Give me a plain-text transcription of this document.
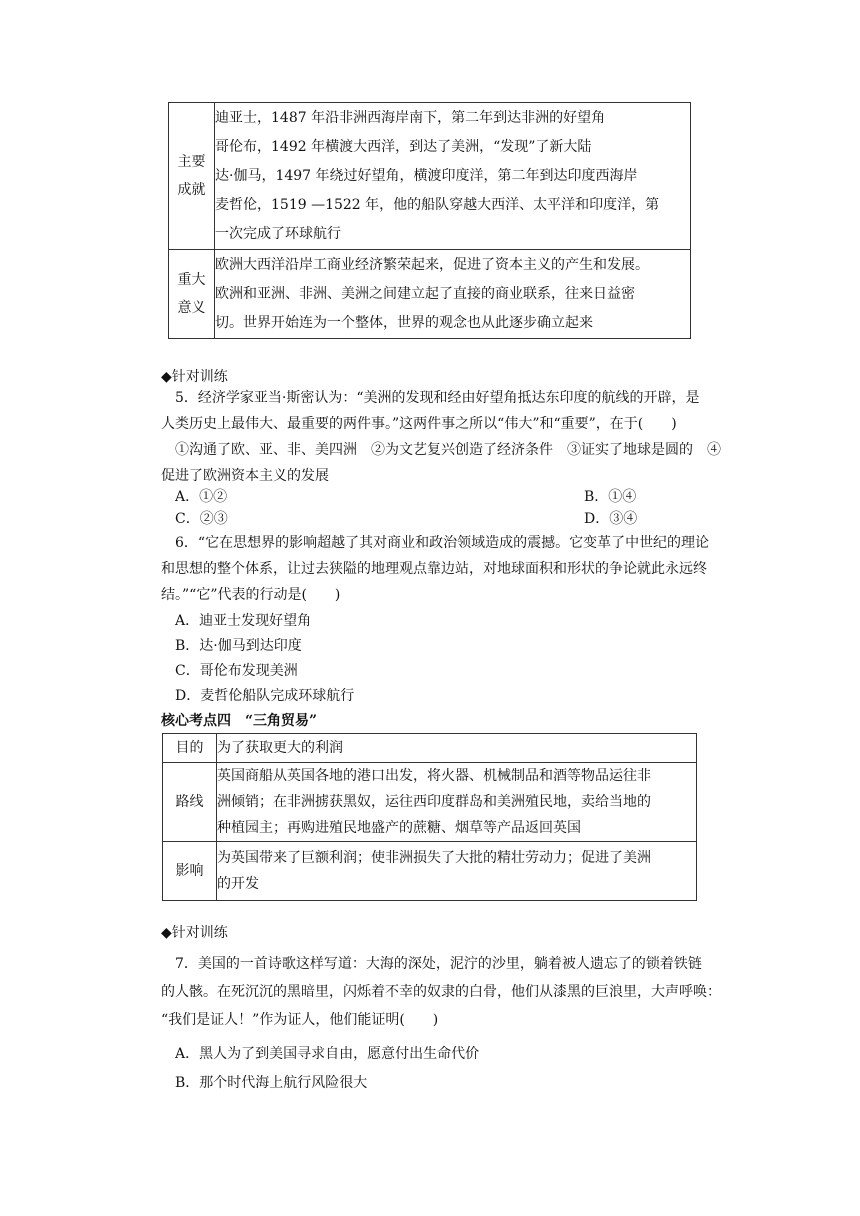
主要
成就	迪亚士，1487 年沿非洲西海岸南下，第二年到达非洲的好望角
哥伦布，1492 年横渡大西洋，到达了美洲，“发现”了新大陆
达·伽马，1497 年绕过好望角，横渡印度洋，第二年到达印度西海岸
麦哲伦，1519 —1522 年，他的船队穿越大西洋、太平洋和印度洋，第
一次完成了环球航行

重大
意义	欧洲大西洋沿岸工商业经济繁荣起来，促进了资本主义的产生和发展。
欧洲和亚洲、非洲、美洲之间建立起了直接的商业联系，往来日益密
切。世界开始连为一个整体，世界的观念也从此逐步确立起来
◆针对训练
5．经济学家亚当·斯密认为：“美洲的发现和经由好望角抵达东印度的航线的开辟，是
人类历史上最伟大、最重要的两件事。”这两件事之所以“伟大”和“重要”，在于(　　)
①沟通了欧、亚、非、美四洲　②为文艺复兴创造了经济条件　③证实了地球是圆的　④
促进了欧洲资本主义的发展
A．①②	B．①④
C．②③	D．③④
6．“它在思想界的影响超越了其对商业和政治领域造成的震撼。它变革了中世纪的理论
和思想的整个体系，让过去狭隘的地理观点靠边站，对地球面积和形状的争论就此永远终
结。”“它”代表的行动是(　　)
A．迪亚士发现好望角
B．达·伽马到达印度
C．哥伦布发现美洲
D．麦哲伦船队完成环球航行
核心考点四　“三角贸易”
目的	为了获取更大的利润

路线	英国商船从英国各地的港口出发，将火器、机械制品和酒等物品运往非
洲倾销；在非洲掳获黑奴，运往西印度群岛和美洲殖民地，卖给当地的
种植园主；再购进殖民地盛产的蔗糖、烟草等产品返回英国

影响	为英国带来了巨额利润；使非洲损失了大批的精壮劳动力；促进了美洲
的开发
◆针对训练
7．美国的一首诗歌这样写道：大海的深处，泥泞的沙里，躺着被人遗忘了的锁着铁链
的人骸。在死沉沉的黑暗里，闪烁着不幸的奴隶的白骨，他们从漆黑的巨浪里，大声呼唤：
“我们是证人！”作为证人，他们能证明(　　)
A．黑人为了到美国寻求自由，愿意付出生命代价
B．那个时代海上航行风险很大
